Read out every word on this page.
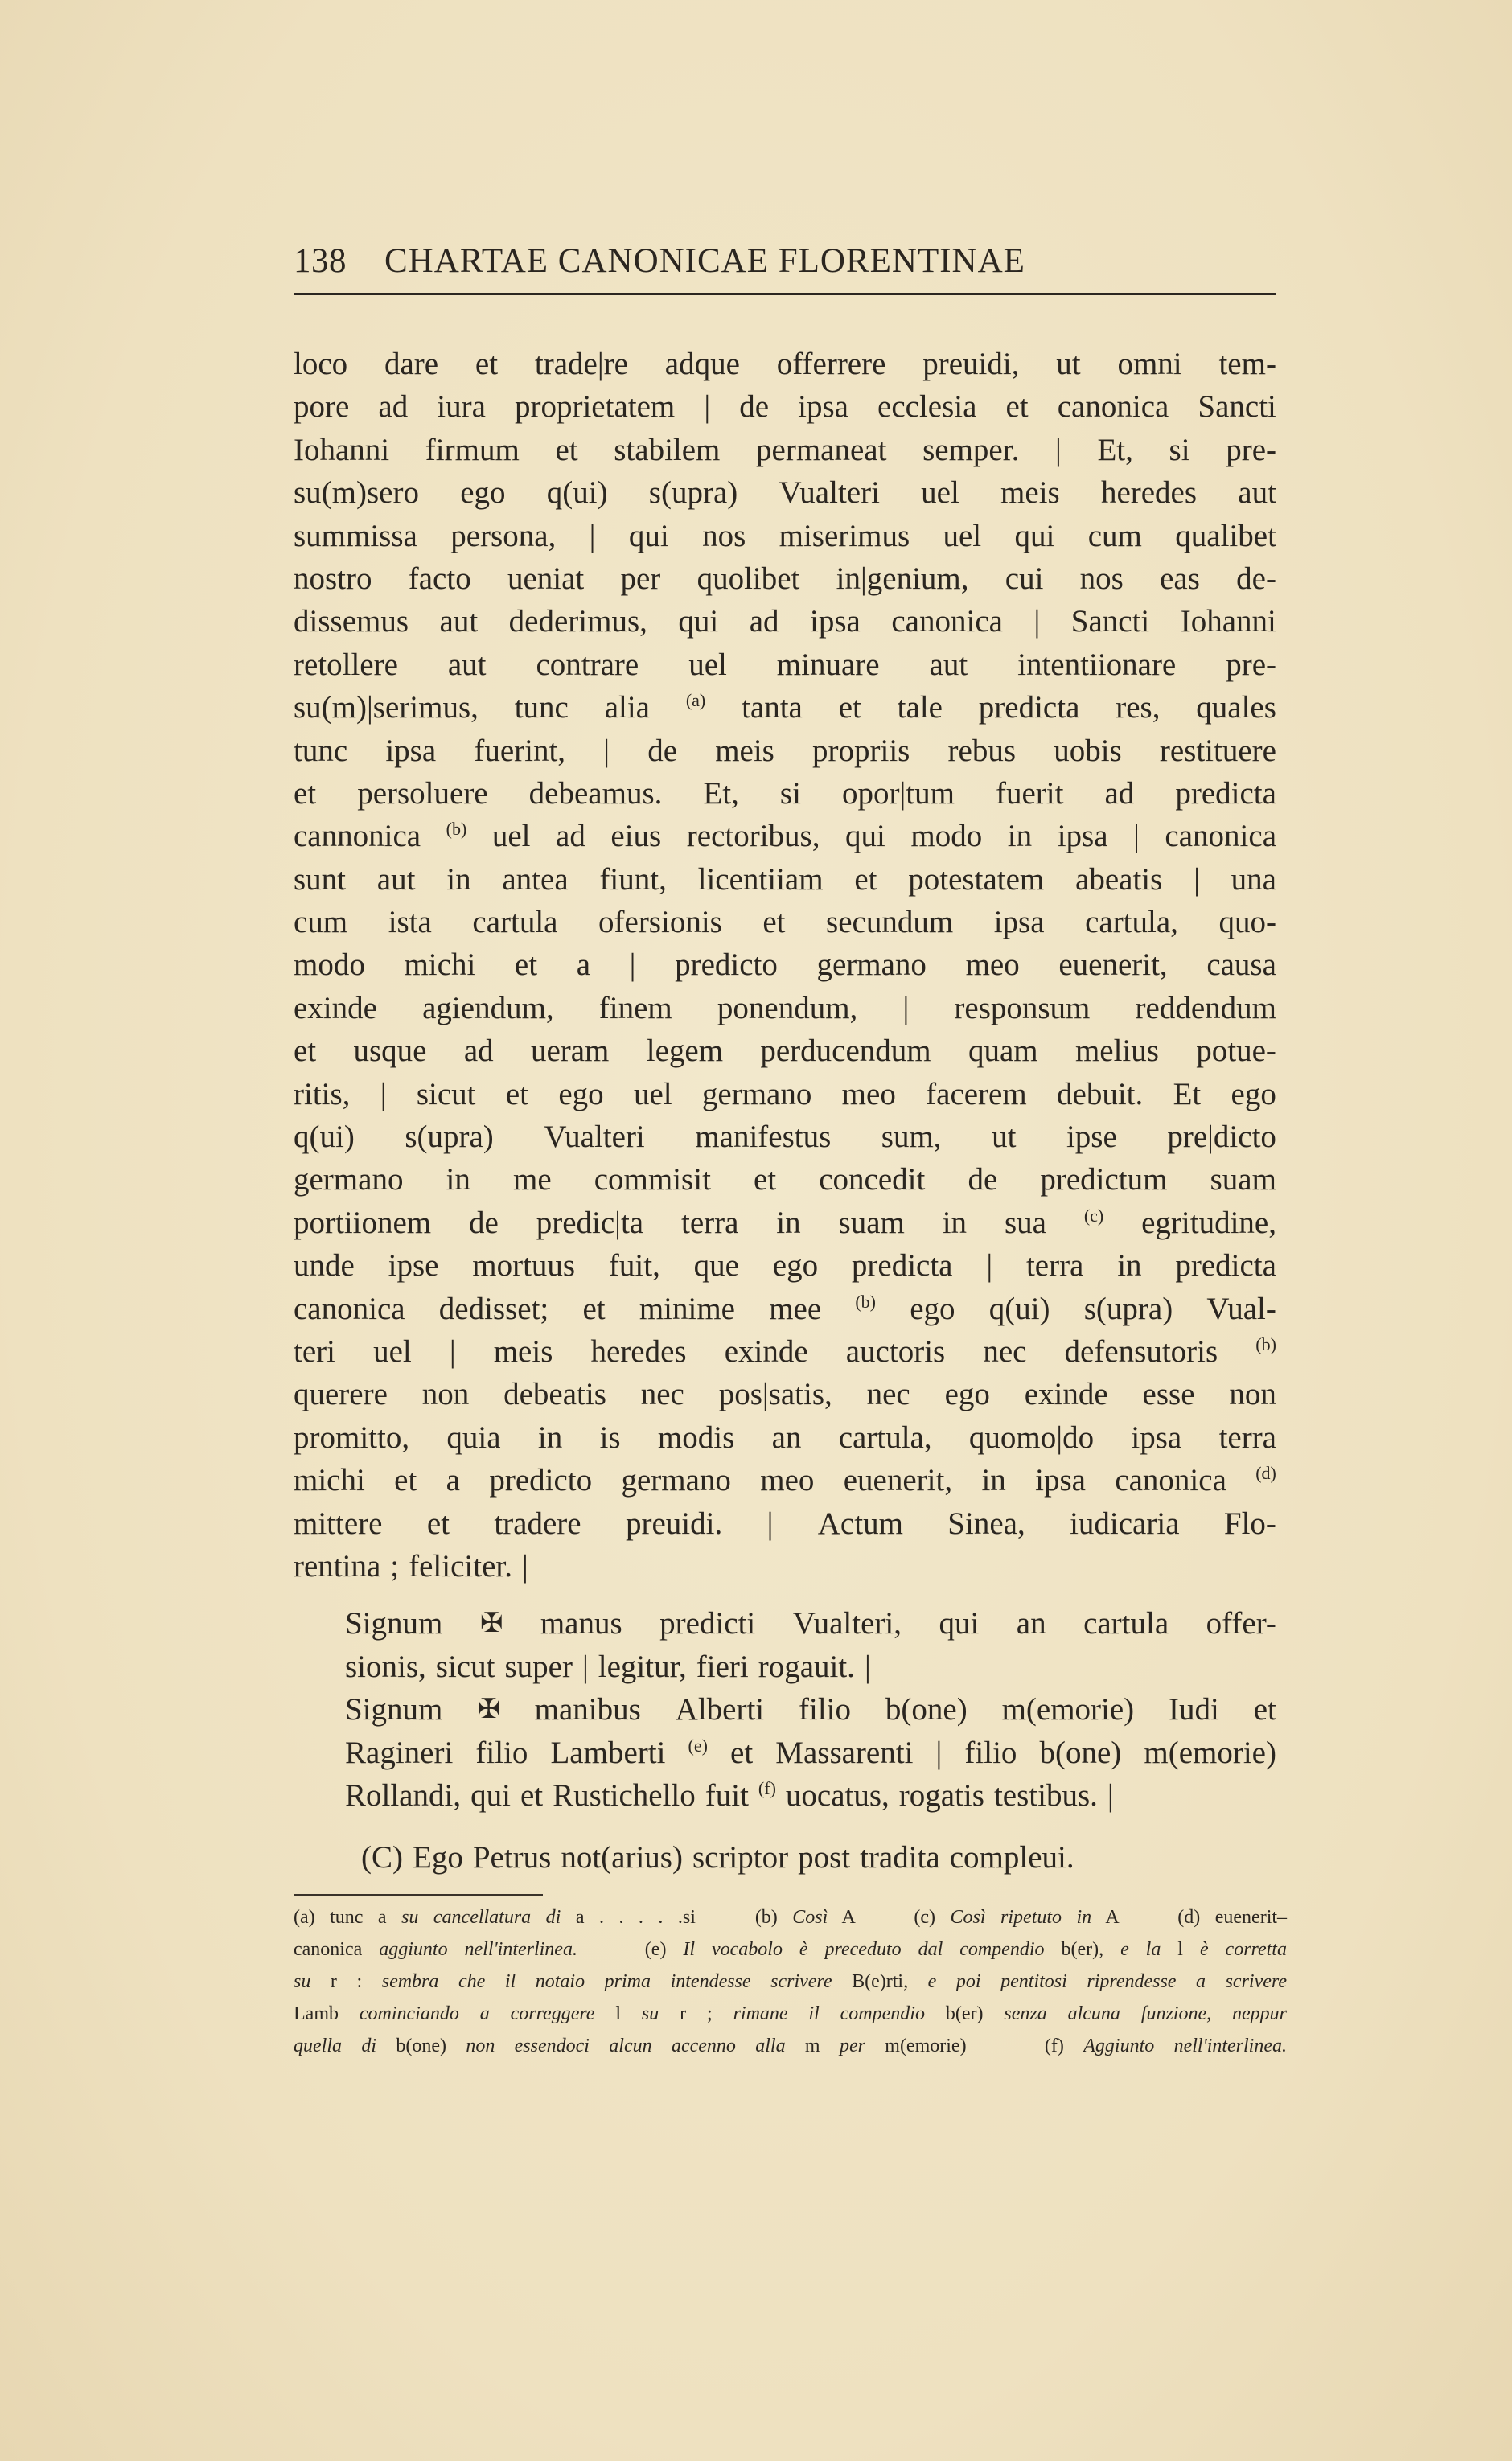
138 CHARTAE CANONICAE FLORENTINAE
loco dare et trade|re adque offerrere preuidi, ut omni tem-
pore ad iura proprietatem | de ipsa ecclesia et canonica Sancti
Iohanni firmum et stabilem permaneat semper. | Et, si pre-
su(m)sero ego q(ui) s(upra) Vualteri uel meis heredes aut
summissa persona, | qui nos miserimus uel qui cum qualibet
nostro facto ueniat per quolibet in|genium, cui nos eas de-
dissemus aut dederimus, qui ad ipsa canonica | Sancti Iohanni
retollere aut contrare uel minuare aut intentiionare pre-
su(m)|serimus, tunc alia $^{(a)}$ tanta et tale predicta res, quales
tunc ipsa fuerint, | de meis propriis rebus uobis restituere
et persoluere debeamus. Et, si opor|tum fuerit ad predicta
cannonica $^{(b)}$ uel ad eius rectoribus, qui modo in ipsa | canonica
sunt aut in antea fiunt, licentiiam et potestatem abeatis | una
cum ista cartula ofersionis et secundum ipsa cartula, quo-
modo michi et a | predicto germano meo euenerit, causa
exinde agiendum, finem ponendum, | responsum reddendum
et usque ad ueram legem perducendum quam melius potue-
ritis, | sicut et ego uel germano meo facerem debuit. Et ego
q(ui) s(upra) Vualteri manifestus sum, ut ipse pre|dicto
germano in me commisit et concedit de predictum suam
portiionem de predic|ta terra in suam in sua $^{(c)}$ egritudine,
unde ipse mortuus fuit, que ego predicta | terra in predicta
canonica dedisset; et minime mee $^{(b)}$ ego q(ui) s(upra) Vual-
teri uel | meis heredes exinde auctoris nec defensutoris $^{(b)}$
querere non debeatis nec pos|satis, nec ego exinde esse non
promitto, quia in is modis an cartula, quomo|do ipsa terra
michi et a predicto germano meo euenerit, in ipsa canonica $^{(d)}$
mittere et tradere preuidi. | Actum Sinea, iudicaria Flo-
rentina ; feliciter. |
Signum ✠ manus predicti Vualteri, qui an cartula offer-
sionis, sicut super | legitur, fieri rogauit. |
Signum ✠ manibus Alberti filio b(one) m(emorie) Iudi et
Ragineri filio Lamberti $^{(e)}$ et Massarenti | filio b(one) m(emorie)
Rollandi, qui et Rustichello fuit $^{(f)}$ uocatus, rogatis testibus. |
(C) Ego Petrus not(arius) scriptor post tradita compleui.
(a) tunc a su cancellatura di a . . . . .si    (b) Così A    (c) Così ripetuto in A    (d) euenerit–
canonica aggiunto nell'interlinea.    (e) Il vocabolo è preceduto dal compendio b(er), e la l è corretta
su r : sembra che il notaio prima intendesse scrivere B(e)rti, e poi pentitosi riprendesse a scrivere
Lamb cominciando a correggere l su r ; rimane il compendio b(er) senza alcuna funzione, neppur
quella di b(one) non essendoci alcun accenno alla m per m(emorie)    (f) Aggiunto nell'interlinea.
